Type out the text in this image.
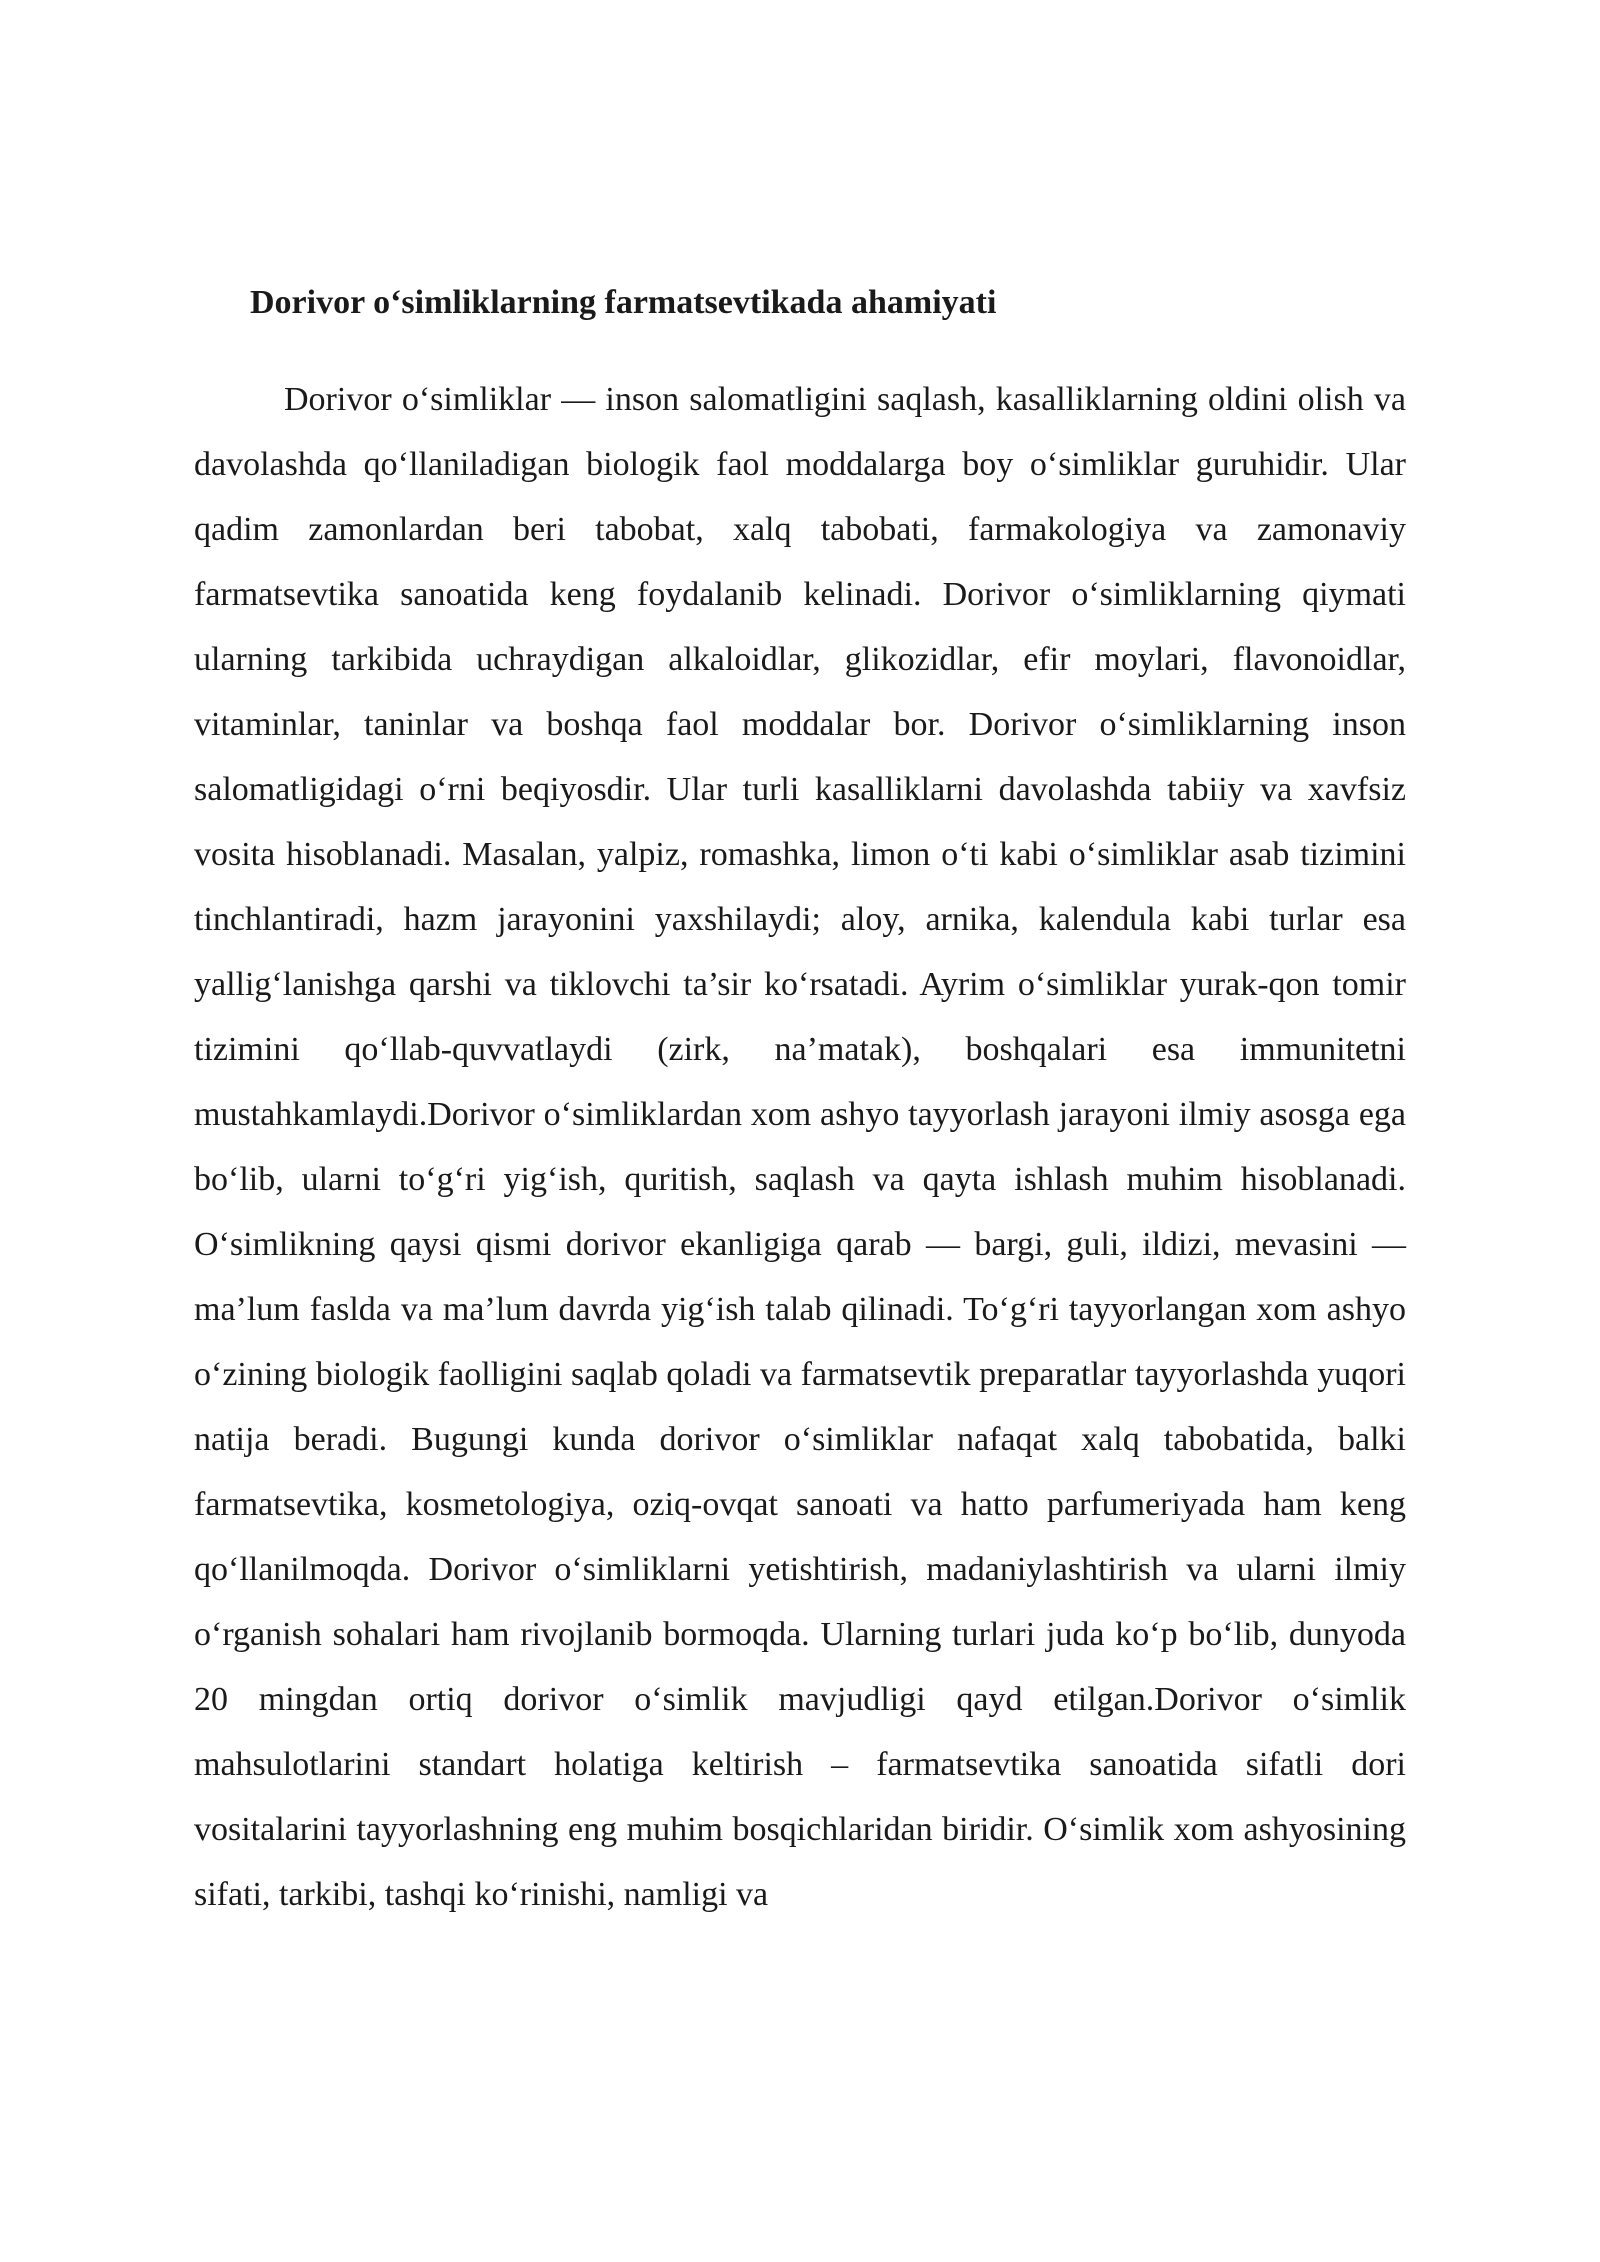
Dorivor o‘simliklarning farmatsevtikada ahamiyati

Dorivor o‘simliklar — inson salomatligini saqlash, kasalliklarning oldini olish va davolashda qo‘llaniladigan biologik faol moddalarga boy o‘simliklar guruhidir. Ular qadim zamonlardan beri tabobat, xalq tabobati, farmakologiya va zamonaviy farmatsevtika sanoatida keng foydalanib kelinadi. Dorivor o‘simliklarning qiymati ularning tarkibida uchraydigan alkaloidlar, glikozidlar, efir moylari, flavonoidlar, vitaminlar, taninlar va boshqa faol moddalar bor. Dorivor o‘simliklarning inson salomatligidagi o‘rni beqiyosdir. Ular turli kasalliklarni davolashda tabiiy va xavfsiz vosita hisoblanadi. Masalan, yalpiz, romashka, limon o‘ti kabi o‘simliklar asab tizimini tinchlantiradi, hazm jarayonini yaxshilaydi; aloy, arnika, kalendula kabi turlar esa yallig‘lanishga qarshi va tiklovchi ta’sir ko‘rsatadi. Ayrim o‘simliklar yurak-qon tomir tizimini qo‘llab-quvvatlaydi (zirk, na’matak), boshqalari esa immunitetni mustahkamlaydi.Dorivor o‘simliklardan xom ashyo tayyorlash jarayoni ilmiy asosga ega bo‘lib, ularni to‘g‘ri yig‘ish, quritish, saqlash va qayta ishlash muhim hisoblanadi. O‘simlikning qaysi qismi dorivor ekanligiga qarab — bargi, guli, ildizi, mevasini — ma’lum faslda va ma’lum davrda yig‘ish talab qilinadi. To‘g‘ri tayyorlangan xom ashyo o‘zining biologik faolligini saqlab qoladi va farmatsevtik preparatlar tayyorlashda yuqori natija beradi. Bugungi kunda dorivor o‘simliklar nafaqat xalq tabobatida, balki farmatsevtika, kosmetologiya, oziq-ovqat sanoati va hatto parfumeriyada ham keng qo‘llanilmoqda. Dorivor o‘simliklarni yetishtirish, madaniylashtirish va ularni ilmiy o‘rganish sohalari ham rivojlanib bormoqda. Ularning turlari juda ko‘p bo‘lib, dunyoda 20 mingdan ortiq dorivor o‘simlik mavjudligi qayd etilgan.Dorivor o‘simlik mahsulotlarini standart holatiga keltirish – farmatsevtika sanoatida sifatli dori vositalarini tayyorlashning eng muhim bosqichlaridan biridir. O‘simlik xom ashyosining sifati, tarkibi, tashqi ko‘rinishi, namligi va
